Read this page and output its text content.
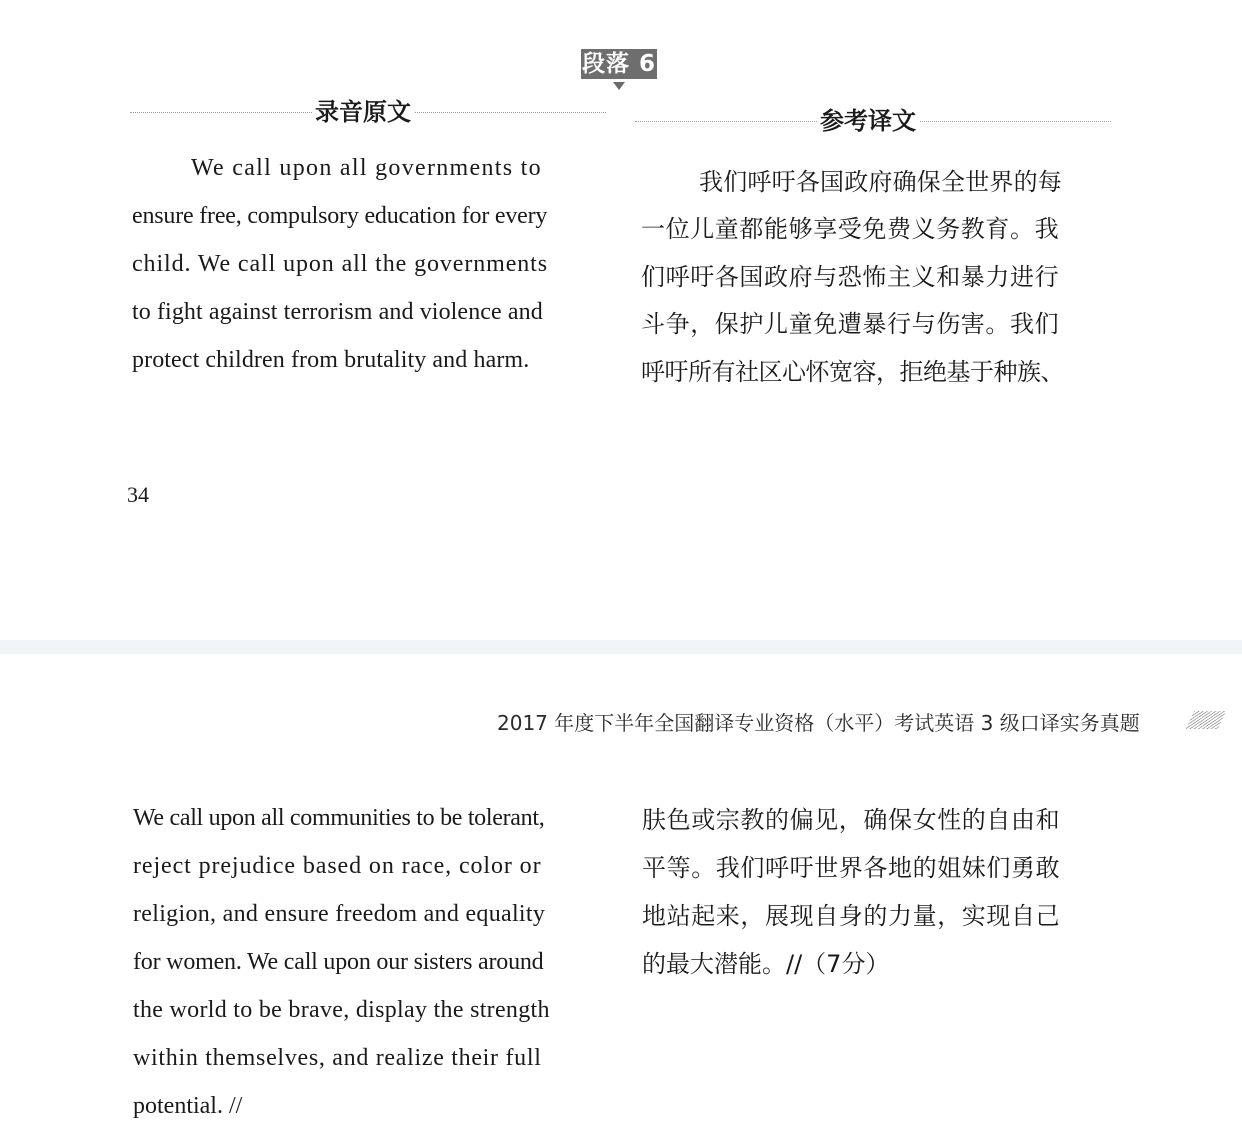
段落 6
录音原文	参考译文
We call upon all governments to
ensure free, compulsory education for every
child. We call upon all the governments
to fight against terrorism and violence and
protect children from brutality and harm.
我们呼吁各国政府确保全世界的每
一位儿童都能够享受免费义务教育。我
们呼吁各国政府与恐怖主义和暴力进行
斗争，保护儿童免遭暴行与伤害。我们
呼吁所有社区心怀宽容，拒绝基于种族、
34
2017 年度下半年全国翻译专业资格（水平）考试英语 3 级口译实务真题
We call upon all communities to be tolerant,
reject prejudice based on race, color or
religion, and ensure freedom and equality
for women. We call upon our sisters around
the world to be brave, display the strength
within themselves, and realize their full
potential. //
肤色或宗教的偏见，确保女性的自由和
平等。我们呼吁世界各地的姐妹们勇敢
地站起来，展现自身的力量，实现自己
的最大潜能。//（7分）
